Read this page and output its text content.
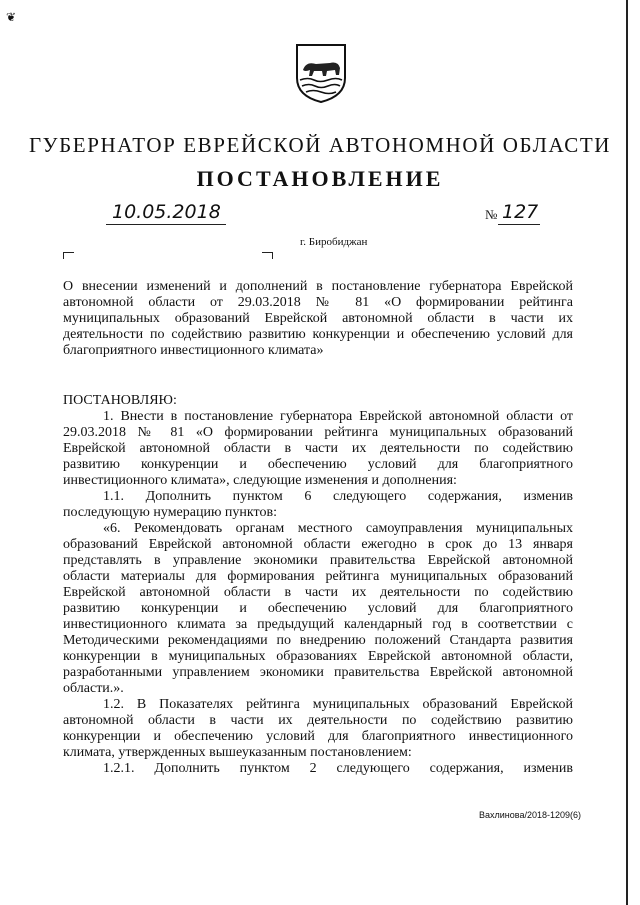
❦
ГУБЕРНАТОР ЕВРЕЙСКОЙ АВТОНОМНОЙ ОБЛАСТИ
ПОСТАНОВЛЕНИЕ
10.05.2018	№ 127
г. Биробиджан
О внесении изменений и дополнений в постановление губернатора Еврейской
автономной области от 29.03.2018 № 81 «О формировании рейтинга
муниципальных образований Еврейской автономной области в части их
деятельности по содействию развитию конкуренции и обеспечению условий для
благоприятного инвестиционного климата»
ПОСТАНОВЛЯЮ:
1. Внести в постановление губернатора Еврейской автономной области от
29.03.2018 № 81 «О формировании рейтинга муниципальных образований
Еврейской автономной области в части их деятельности по содействию
развитию конкуренции и обеспечению условий для благоприятного
инвестиционного климата», следующие изменения и дополнения:
1.1. Дополнить пунктом 6 следующего содержания, изменив
последующую нумерацию пунктов:
«6. Рекомендовать органам местного самоуправления муниципальных
образований Еврейской автономной области ежегодно в срок до 13 января
представлять в управление экономики правительства Еврейской автономной
области материалы для формирования рейтинга муниципальных образований
Еврейской автономной области в части их деятельности по содействию
развитию конкуренции и обеспечению условий для благоприятного
инвестиционного климата за предыдущий календарный год в соответствии с
Методическими рекомендациями по внедрению положений Стандарта развития
конкуренции в муниципальных образованиях Еврейской автономной области,
разработанными управлением экономики правительства Еврейской автономной
области.».
1.2. В Показателях рейтинга муниципальных образований Еврейской
автономной области в части их деятельности по содействию развитию
конкуренции и обеспечению условий для благоприятного инвестиционного
климата, утвержденных вышеуказанным постановлением:
1.2.1. Дополнить пунктом 2 следующего содержания, изменив
Вахлинова/2018-1209(6)
